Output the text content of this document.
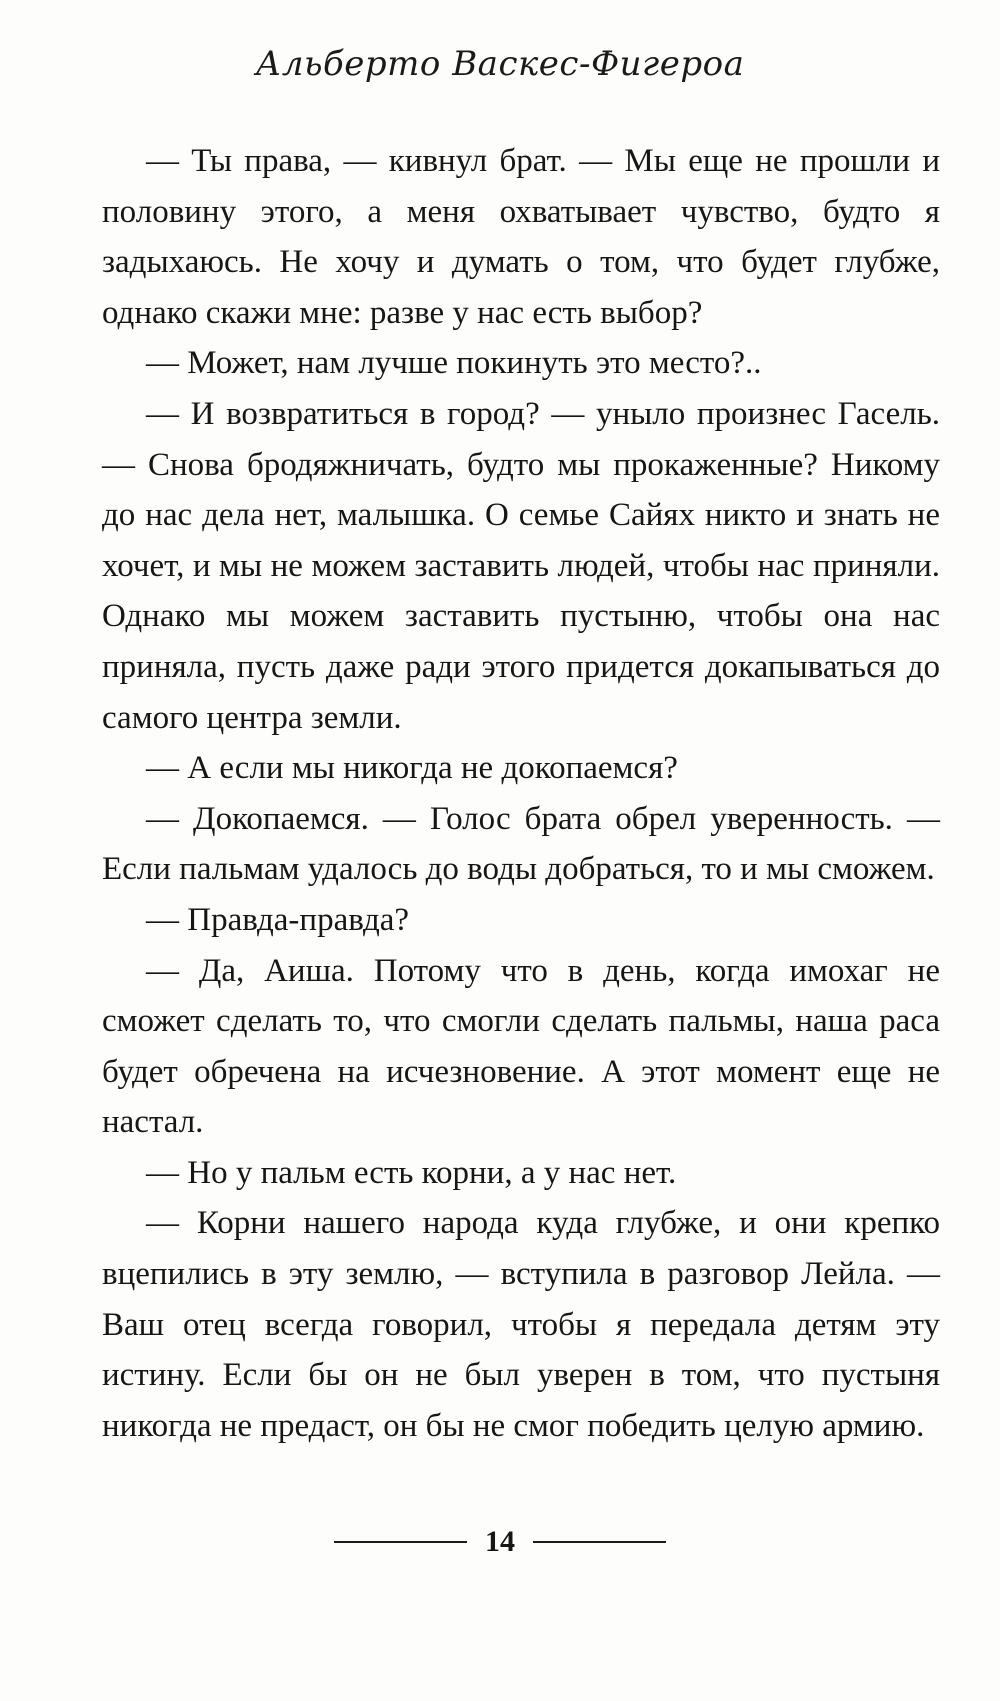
Альберто Васкес-Фигероа

— Ты права, — кивнул брат. — Мы еще не прошли и половину этого, а меня охватывает чувство, будто я задыхаюсь. Не хочу и думать о том, что будет глубже, однако скажи мне: разве у нас есть выбор?

— Может, нам лучше покинуть это место?..

— И возвратиться в город? — уныло произнес Гасель. — Снова бродяжничать, будто мы прокаженные? Никому до нас дела нет, малышка. О семье Сайях никто и знать не хочет, и мы не можем заставить людей, чтобы нас приняли. Однако мы можем заставить пустыню, чтобы она нас приняла, пусть даже ради этого придется докапываться до самого центра земли.

— А если мы никогда не докопаемся?

— Докопаемся. — Голос брата обрел уверенность. — Если пальмам удалось до воды добраться, то и мы сможем.

— Правда-правда?

— Да, Аиша. Потому что в день, когда имохаг не сможет сделать то, что смогли сделать пальмы, наша раса будет обречена на исчезновение. А этот момент еще не настал.

— Но у пальм есть корни, а у нас нет.

— Корни нашего народа куда глубже, и они крепко вцепились в эту землю, — вступила в разговор Лейла. — Ваш отец всегда говорил, чтобы я передала детям эту истину. Если бы он не был уверен в том, что пустыня никогда не предаст, он бы не смог победить целую армию.

14
